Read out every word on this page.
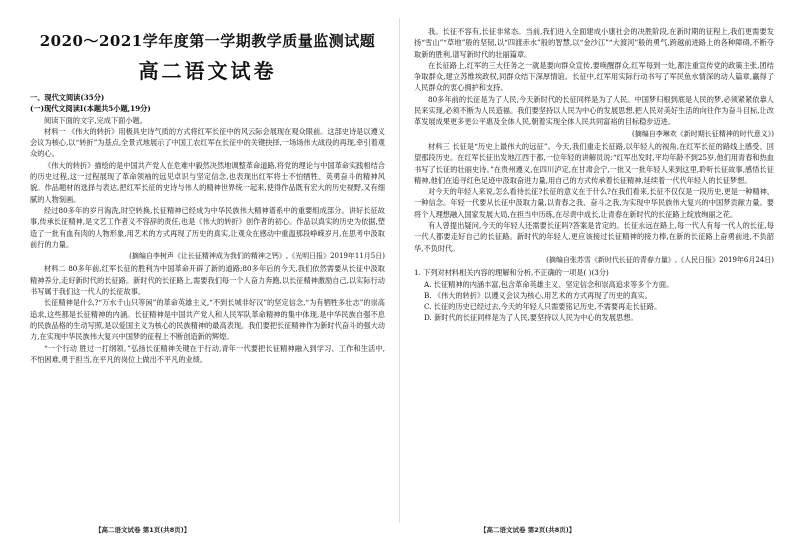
2020～2021学年度第一学期教学质量监测试题
高二语文试卷

一、现代文阅读(35分)

(一)现代文阅读Ⅰ(本题共5小题,19分)

阅读下面的文字,完成下面小题。

材料一 《伟大的转折》用极具史诗气质的方式将红军长征中的风云际会展现在观众眼前。这部史诗是以遵义会议为核心,以“转折”为基点,全景式地展示了中国工农红军在长征中的关键抉择,一场场伟大战役的再现,牵引着观众的心。

《伟大的转折》描绘的是中国共产党人在危难中毅然决然地调整革命道路,将党的理论与中国革命实践相结合的历史过程,这一过程展现了革命领袖的远见卓识与坚定信念,也表现出红军将士不怕牺牲、英勇奋斗的精神风貌。作品题材的选择与表达,把红军长征的史诗与伟人的精神世界统一起来,使得作品既有宏大的历史视野,又有细腻的人物刻画。

经过80多年的岁月淘洗,时空转换,长征精神已经成为中华民族伟大精神谱系中的重要组成部分。讲好长征故事,传承长征精神,是文艺工作者义不容辞的责任,也是《伟大的转折》创作者的初心。作品以真实的历史为依据,塑造了一批有血有肉的人物形象,用艺术的方式再现了历史的真实,让观众在感动中重温那段峥嵘岁月,在思考中汲取前行的力量。

(摘编自李树声《让长征精神成为我们的精神之钙》,《光明日报》2019年11月5日)

材料二 80多年前,红军长征的胜利为中国革命开辟了新的道路;80多年后的今天,我们依然需要从长征中汲取精神养分,走好新时代的长征路。新时代的长征路上,需要我们每一个人奋力奔跑,以长征精神激励自己,以实际行动书写属于我们这一代人的长征故事。

长征精神是什么?“万水千山只等闲”的革命英雄主义,“不到长城非好汉”的坚定信念,“为有牺牲多壮志”的崇高追求,这些都是长征精神的内涵。长征精神是中国共产党人和人民军队革命精神的集中体现,是中华民族自强不息的民族品格的生动写照,是以爱国主义为核心的民族精神的最高表现。我们要把长征精神作为新时代奋斗的强大动力,在实现中华民族伟大复兴中国梦的征程上不断创造新的辉煌。

“一个行动 胜过一打纲领。”弘扬长征精神关键在于行动,青年一代要把长征精神融入到学习、工作和生活中,不怕困难,勇于担当,在平凡的岗位上做出不平凡的业绩。

我。长征不容有,长征非常态。当前,我们进入全面建成小康社会的决胜阶段,在新时期的征程上,我们更需要发扬“雪山”“草地”般的坚韧,以“四渡赤水”般的智慧,以“金沙江”“大渡河”般的勇气,跨越前进路上的各种障碍,不断夺取新的胜利,谱写新时代的壮丽篇章。

在长征路上,红军的三大任务之一就是要向群众宣传,要唤醒群众,红军每到一处,都注重宣传党的政策主张,团结争取群众,建立苏维埃政权,同群众结下深厚情谊。长征中,红军用实际行动书写了军民鱼水情深的动人篇章,赢得了人民群众的衷心拥护和支持。

80多年前的长征是为了人民,今天新时代的长征同样是为了人民。中国梦归根到底是人民的梦,必须紧紧依靠人民来实现,必须不断为人民造福。我们要坚持以人民为中心的发展思想,把人民对美好生活的向往作为奋斗目标,让改革发展成果更多更公平惠及全体人民,朝着实现全体人民共同富裕的目标稳步迈进。

(摘编自李琳欢《新时期长征精神的时代意义》)

材料三 长征是“历史上最伟大的远征”。今天,我们重走长征路,以年轻人的视角,在红军长征的路线上感受、回望那段历史。在红军长征出发地江西于都,一位年轻的讲解员说:“红军出发时,平均年龄不到25岁,他们用青春和热血书写了长征的壮丽史诗。”在贵州遵义,在四川泸定,在甘肃会宁,一批又一批年轻人来到这里,聆听长征故事,感悟长征精神,他们在追寻红色足迹中汲取奋进力量,用自己的方式传承着长征精神,延续着一代代年轻人的长征梦想。

对今天的年轻人来说,怎么看待长征?长征的意义在于什么?在我们看来,长征不仅仅是一段历史,更是一种精神、一种信念。年轻一代要从长征中汲取力量,以青春之我、奋斗之我,为实现中华民族伟大复兴的中国梦贡献力量。要将个人理想融入国家发展大局,在担当中历练,在尽责中成长,让青春在新时代的长征路上绽放绚丽之花。

有人曾提出疑问,今天的年轻人还需要长征吗?答案是肯定的。长征永远在路上,每一代人有每一代人的长征,每一代人都要走好自己的长征路。新时代的年轻人,更应该接过长征精神的接力棒,在新的长征路上奋勇前进,不负韶华,不负时代。

(摘编自张苏雪《新时代长征的青春力量》,《人民日报》2019年6月24日)

1. 下列对材料相关内容的理解和分析,不正确的一项是( )(3分)

A. 长征精神的内涵丰富,包含革命英雄主义、坚定信念和崇高追求等多个方面。

B. 《伟大的转折》以遵义会议为核心,用艺术的方式再现了历史的真实。

C. 长征的历史已经过去,今天的年轻人只需要铭记历史,不需要再走长征路。

D. 新时代的长征同样是为了人民,要坚持以人民为中心的发展思想。

【高二语文试卷 第1页(共8页)】	【高二语文试卷 第2页(共8页)】
